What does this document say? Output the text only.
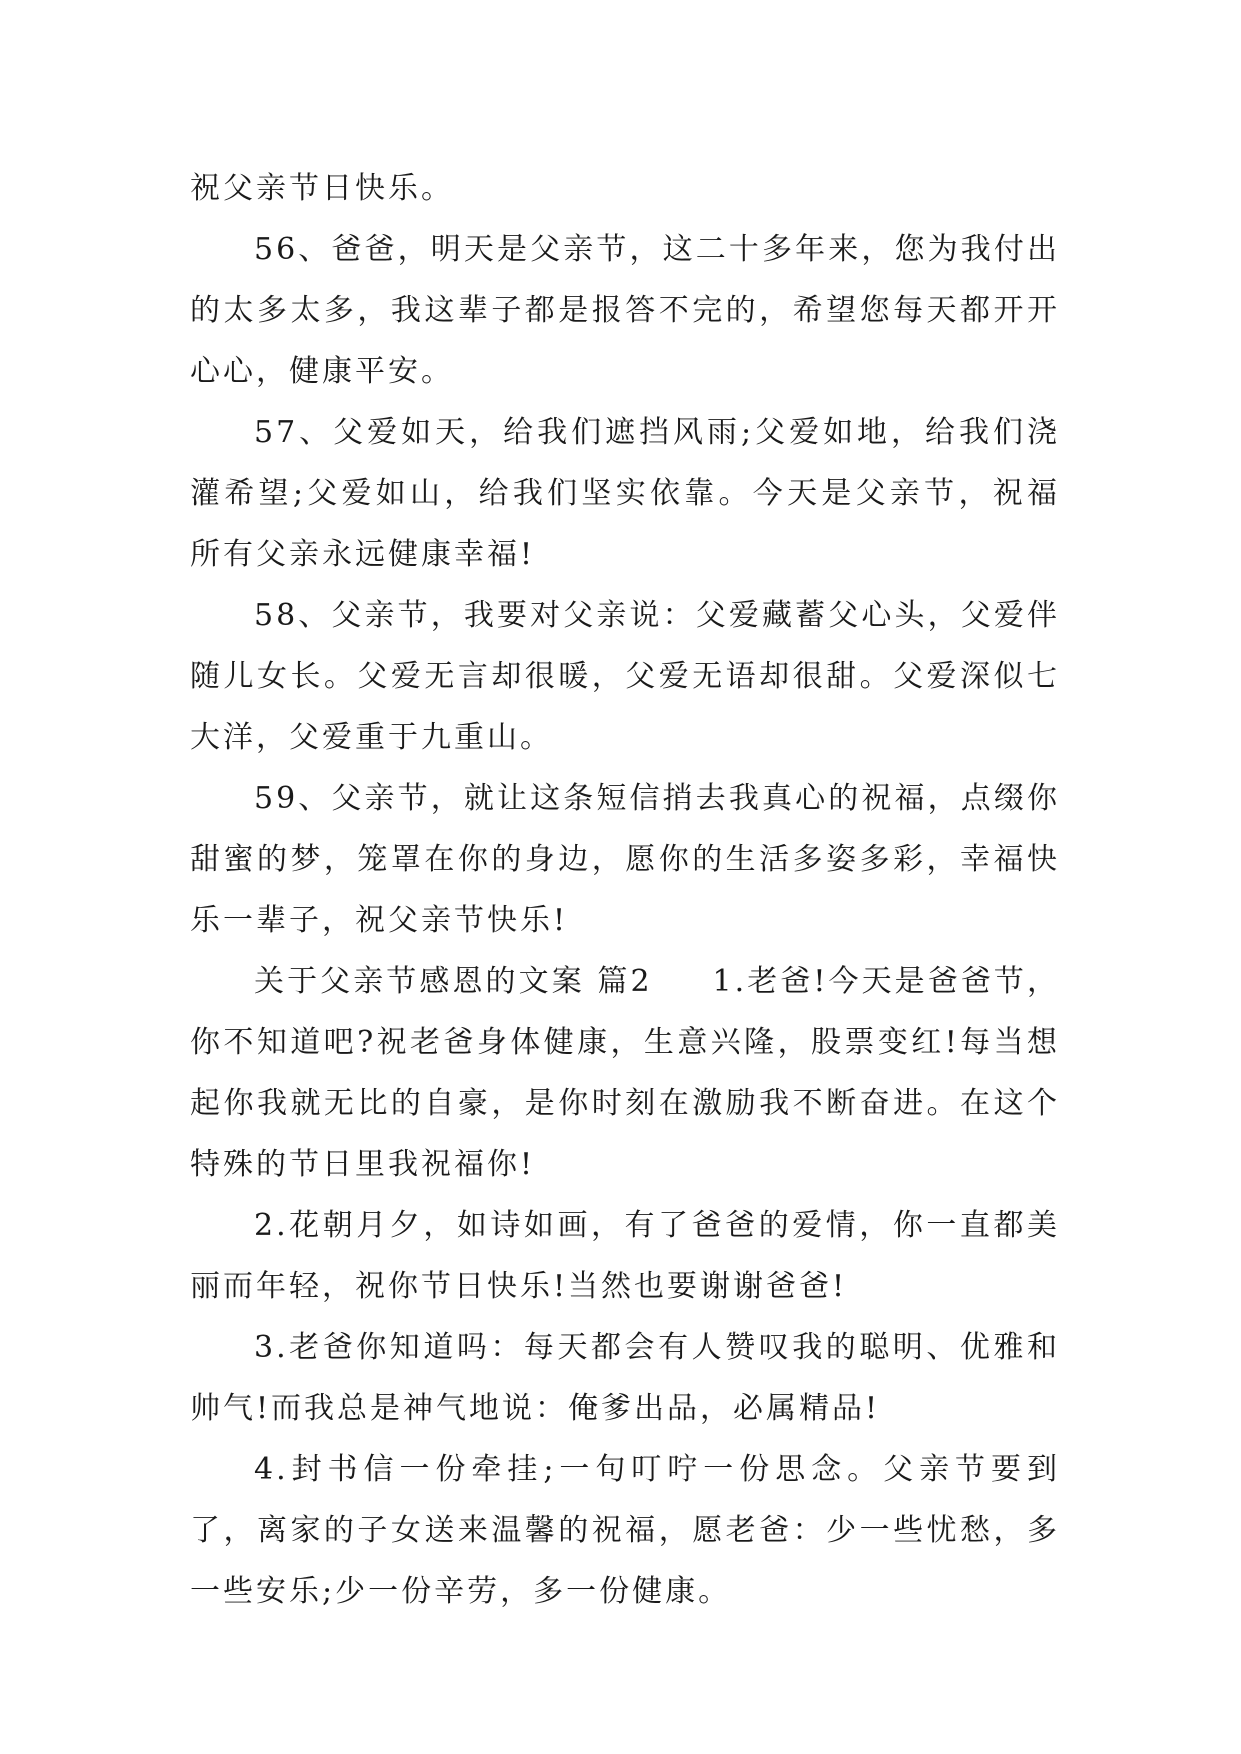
祝父亲节日快乐。

56、爸爸，明天是父亲节，这二十多年来，您为我付出的太多太多，我这辈子都是报答不完的，希望您每天都开开心心，健康平安。

57、父爱如天，给我们遮挡风雨;父爱如地，给我们浇灌希望;父爱如山，给我们坚实依靠。今天是父亲节，祝福所有父亲永远健康幸福!

58、父亲节，我要对父亲说：父爱藏蓄父心头，父爱伴随儿女长。父爱无言却很暖，父爱无语却很甜。父爱深似七大洋，父爱重于九重山。

59、父亲节，就让这条短信捎去我真心的祝福，点缀你甜蜜的梦，笼罩在你的身边，愿你的生活多姿多彩，幸福快乐一辈子，祝父亲节快乐!

关于父亲节感恩的文案 篇2 1.老爸!今天是爸爸节，你不知道吧?祝老爸身体健康，生意兴隆，股票变红!每当想起你我就无比的自豪，是你时刻在激励我不断奋进。在这个特殊的节日里我祝福你!

2.花朝月夕，如诗如画，有了爸爸的爱情，你一直都美丽而年轻，祝你节日快乐!当然也要谢谢爸爸!

3.老爸你知道吗：每天都会有人赞叹我的聪明、优雅和帅气!而我总是神气地说：俺爹出品，必属精品!

4.封书信一份牵挂;一句叮咛一份思念。父亲节要到了，离家的子女送来温馨的祝福，愿老爸：少一些忧愁，多一些安乐;少一份辛劳，多一份健康。
